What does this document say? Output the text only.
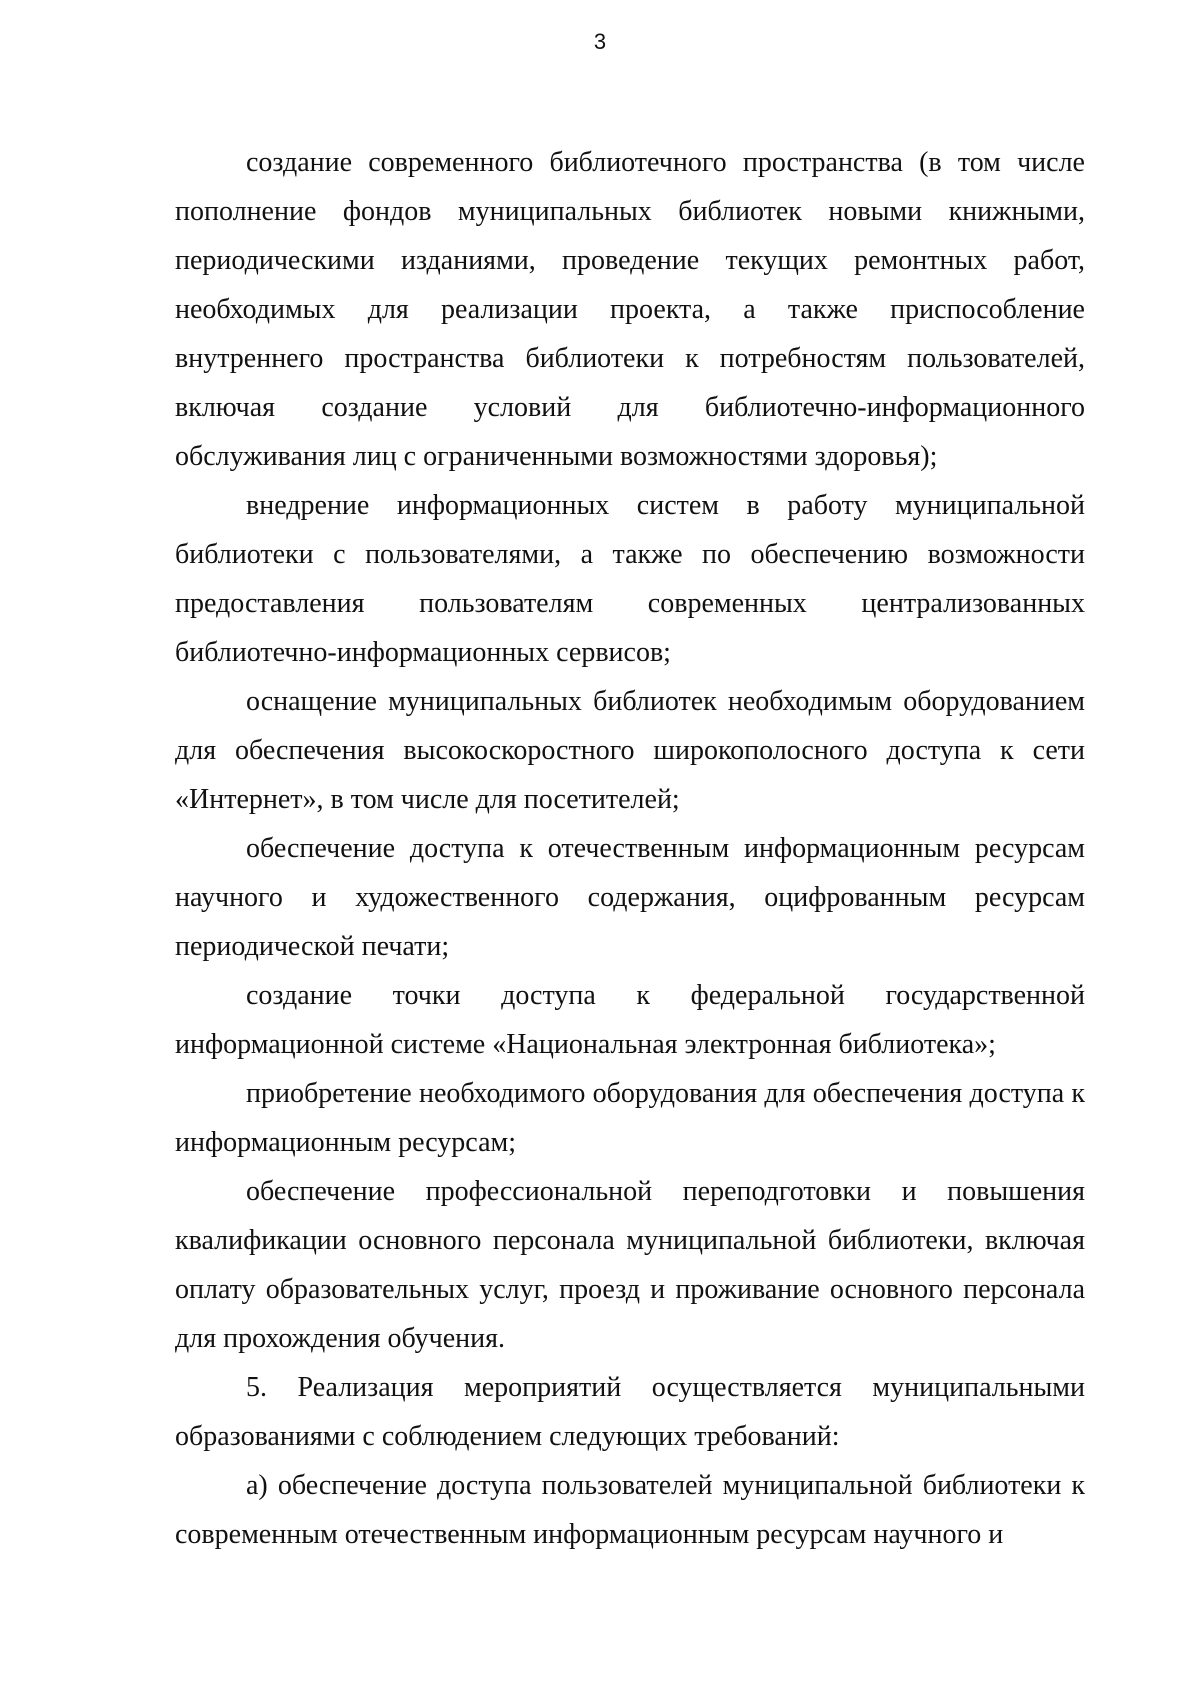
3

создание современного библиотечного пространства (в том числе пополнение фондов муниципальных библиотек новыми книжными, периодическими изданиями, проведение текущих ремонтных работ, необходимых для реализации проекта, а также приспособление внутреннего пространства библиотеки к потребностям пользователей, включая создание условий для библиотечно-информационного обслуживания лиц с ограниченными возможностями здоровья);

внедрение информационных систем в работу муниципальной библиотеки с пользователями, а также по обеспечению возможности предоставления пользователям современных централизованных библиотечно-информационных сервисов;

оснащение муниципальных библиотек необходимым оборудованием для обеспечения высокоскоростного широкополосного доступа к сети «Интернет», в том числе для посетителей;

обеспечение доступа к отечественным информационным ресурсам научного и художественного содержания, оцифрованным ресурсам периодической печати;

создание точки доступа к федеральной государственной информационной системе «Национальная электронная библиотека»;

приобретение необходимого оборудования для обеспечения доступа к информационным ресурсам;

обеспечение профессиональной переподготовки и повышения квалификации основного персонала муниципальной библиотеки, включая оплату образовательных услуг, проезд и проживание основного персонала для прохождения обучения.

5. Реализация мероприятий осуществляется муниципальными образованиями с соблюдением следующих требований:

а) обеспечение доступа пользователей муниципальной библиотеки к современным отечественным информационным ресурсам научного и
